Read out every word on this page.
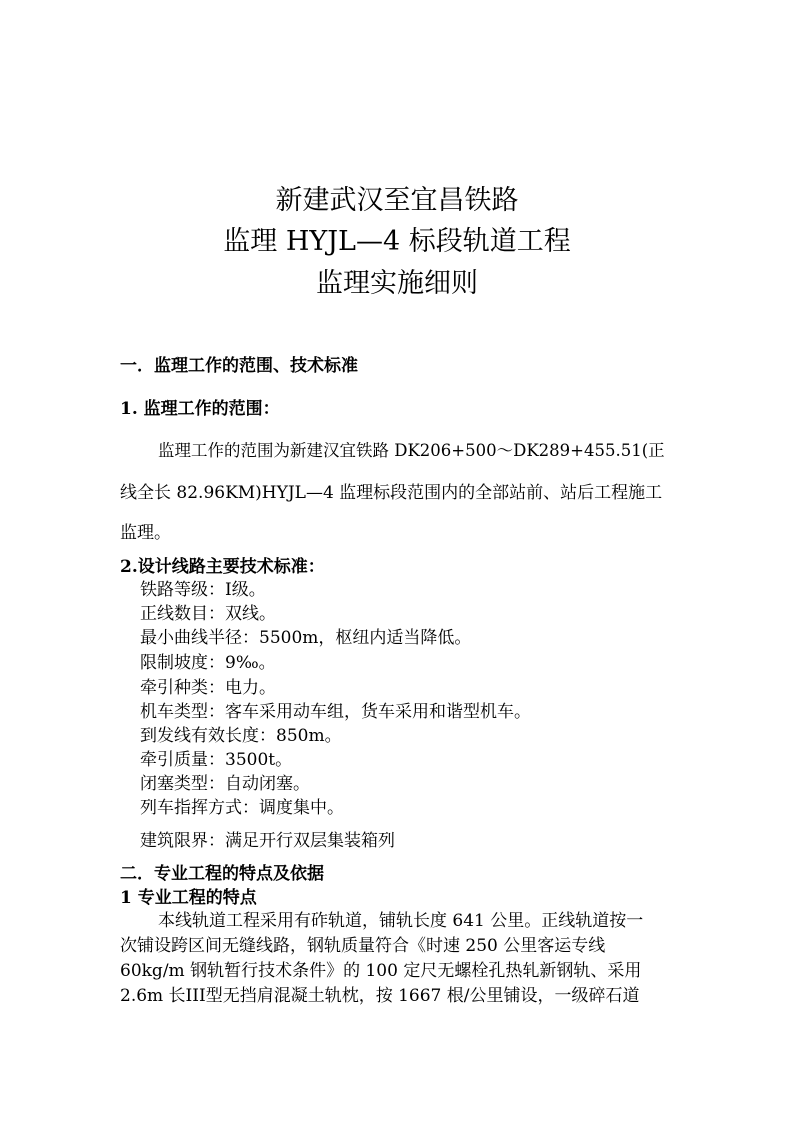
新建武汉至宜昌铁路
监理 HYJL—4 标段轨道工程
监理实施细则
一．监理工作的范围、技术标准
1. 监理工作的范围：
监理工作的范围为新建汉宜铁路 DK206+500～DK289+455.51(正
线全长 82.96KM)HYJL—4 监理标段范围内的全部站前、站后工程施工
监理。
2.设计线路主要技术标准：
铁路等级：Ⅰ级。
正线数目：双线。
最小曲线半径：5500m，枢纽内适当降低。
限制坡度：9‰。
牵引种类：电力。
机车类型：客车采用动车组，货车采用和谐型机车。
到发线有效长度：850m。
牵引质量：3500t。
闭塞类型：自动闭塞。
列车指挥方式：调度集中。
建筑限界：满足开行双层集装箱列
二．专业工程的特点及依据
1 专业工程的特点
本线轨道工程采用有砟轨道，铺轨长度 641 公里。正线轨道按一
次铺设跨区间无缝线路，钢轨质量符合《时速 250 公里客运专线
60kg/m 钢轨暂行技术条件》的 100 定尺无螺栓孔热轧新钢轨、采用
2.6m 长III型无挡肩混凝土轨枕，按 1667 根/公里铺设，一级碎石道
